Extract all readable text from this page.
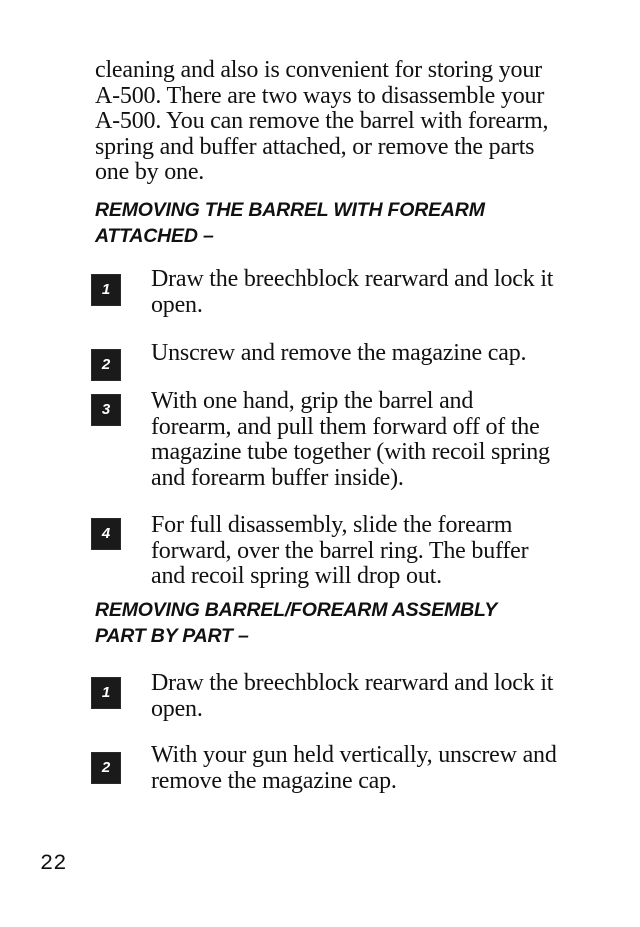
cleaning and also is convenient for storing your
A-500. There are two ways to disassemble your
A-500. You can remove the barrel with forearm,
spring and buffer attached, or remove the parts
one by one.
REMOVING THE BARREL WITH FOREARM
ATTACHED –
1	Draw the breechblock rearward and lock it
open.
2	Unscrew and remove the magazine cap.
3	With one hand, grip the barrel and
forearm, and pull them forward off of the
magazine tube together (with recoil spring
and forearm buffer inside).
4	For full disassembly, slide the forearm
forward, over the barrel ring. The buffer
and recoil spring will drop out.
REMOVING BARREL/FOREARM ASSEMBLY
PART BY PART –
1	Draw the breechblock rearward and lock it
open.
2	With your gun held vertically, unscrew and
remove the magazine cap.
22
